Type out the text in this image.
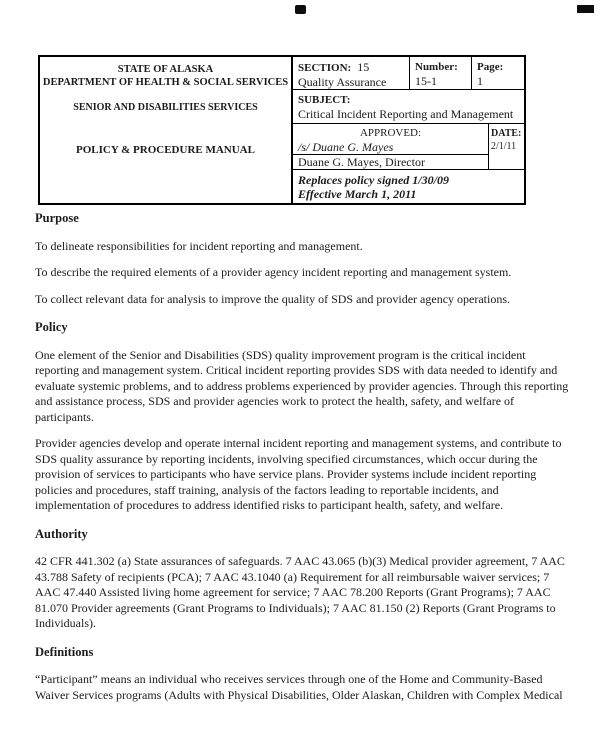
STATE OF ALASKA
DEPARTMENT OF HEALTH & SOCIAL SERVICES
SENIOR AND DISABILITIES SERVICES
POLICY & PROCEDURE MANUAL
SECTION: 15
Quality Assurance
Number:
15-1
Page:
1
SUBJECT:
Critical Incident Reporting and Management
APPROVED:
/s/ Duane G. Mayes
Duane G. Mayes, Director
DATE:
2/1/11
Replaces policy signed 1/30/09
Effective March 1, 2011
Purpose

To delineate responsibilities for incident reporting and management.

To describe the required elements of a provider agency incident reporting and management system.

To collect relevant data for analysis to improve the quality of SDS and provider agency operations.

Policy

One element of the Senior and Disabilities (SDS) quality improvement program is the critical incident reporting and management system. Critical incident reporting provides SDS with data needed to identify and evaluate systemic problems, and to address problems experienced by provider agencies. Through this reporting and assistance process, SDS and provider agencies work to protect the health, safety, and welfare of participants.

Provider agencies develop and operate internal incident reporting and management systems, and contribute to SDS quality assurance by reporting incidents, involving specified circumstances, which occur during the provision of services to participants who have service plans. Provider systems include incident reporting policies and procedures, staff training, analysis of the factors leading to reportable incidents, and implementation of procedures to address identified risks to participant health, safety, and welfare.

Authority

42 CFR 441.302 (a) State assurances of safeguards. 7 AAC 43.065 (b)(3) Medical provider agreement, 7 AAC 43.788 Safety of recipients (PCA); 7 AAC 43.1040 (a) Requirement for all reimbursable waiver services; 7 AAC 47.440 Assisted living home agreement for service; 7 AAC 78.200 Reports (Grant Programs); 7 AAC 81.070 Provider agreements (Grant Programs to Individuals); 7 AAC 81.150 (2) Reports (Grant Programs to Individuals).

Definitions

“Participant” means an individual who receives services through one of the Home and Community-Based Waiver Services programs (Adults with Physical Disabilities, Older Alaskan, Children with Complex Medical
